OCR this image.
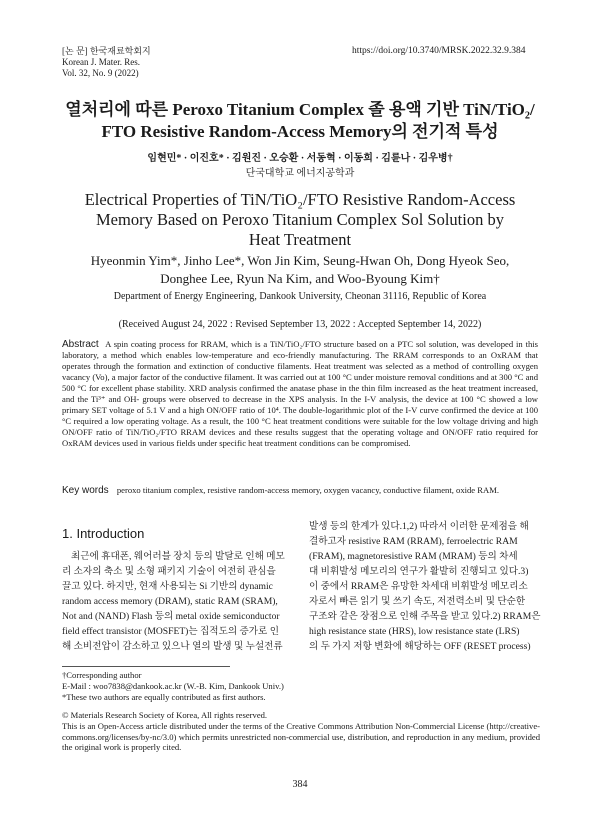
[논 문] 한국재료학회지
Korean J. Mater. Res.
Vol. 32, No. 9 (2022)
https://doi.org/10.3740/MRSK.2022.32.9.384
열처리에 따른 Peroxo Titanium Complex 졸 용액 기반 TiN/TiO₂/
FTO Resistive Random-Access Memory의 전기적 특성
임현민* · 이진호* · 김원진 · 오승환 · 서동혁 · 이동희 · 김륜나 · 김우병†
단국대학교 에너지공학과
Electrical Properties of TiN/TiO₂/FTO Resistive Random-Access
Memory Based on Peroxo Titanium Complex Sol Solution by
Heat Treatment
Hyeonmin Yim*, Jinho Lee*, Won Jin Kim, Seung-Hwan Oh, Dong Hyeok Seo,
Donghee Lee, Ryun Na Kim, and Woo-Byoung Kim†
Department of Energy Engineering, Dankook University, Cheonan 31116, Republic of Korea
(Received August 24, 2022 : Revised September 13, 2022 : Accepted September 14, 2022)
Abstract A spin coating process for RRAM, which is a TiN/TiO₂/FTO structure based on a PTC sol solution, was developed in this laboratory, a method which enables low-temperature and eco-friendly manufacturing. The RRAM corresponds to an OxRAM that operates through the formation and extinction of conductive filaments. Heat treatment was selected as a method of controlling oxygen vacancy (Vo), a major factor of the conductive filament. It was carried out at 100 °C under moisture removal conditions and at 300 °C and 500 °C for excellent phase stability. XRD analysis confirmed the anatase phase in the thin film increased as the heat treatment increased, and the Ti³⁺ and OH- groups were observed to decrease in the XPS analysis. In the I-V analysis, the device at 100 °C showed a low primary SET voltage of 5.1 V and a high ON/OFF ratio of 10⁴. The double-logarithmic plot of the I-V curve confirmed the device at 100 °C required a low operating voltage. As a result, the 100 °C heat treatment conditions were suitable for the low voltage driving and high ON/OFF ratio of TiN/TiO₂/FTO RRAM devices and these results suggest that the operating voltage and ON/OFF ratio required for OxRAM devices used in various fields under specific heat treatment conditions can be compromised.
Key words peroxo titanium complex, resistive random-access memory, oxygen vacancy, conductive filament, oxide RAM.
1. Introduction
최근에 휴대폰, 웨어러블 장치 등의 발달로 인해 메모
리 소자의 축소 및 소형 패키지 기술이 여전히 관심을
끌고 있다. 하지만, 현재 사용되는 Si 기반의 dynamic
random access memory (DRAM), static RAM (SRAM),
Not and (NAND) Flash 등의 metal oxide semiconductor
field effect transistor (MOSFET)는 집적도의 증가로 인
해 소비전압이 감소하고 있으나 열의 발생 및 누설전류
발생 등의 한계가 있다.1,2) 따라서 이러한 문제점을 해
결하고자 resistive RAM (RRAM), ferroelectric RAM
(FRAM), magnetoresistive RAM (MRAM) 등의 차세
대 비휘발성 메모리의 연구가 활발히 진행되고 있다.3)
이 중에서 RRAM은 유망한 차세대 비휘발성 메모리소
자로서 빠른 읽기 및 쓰기 속도, 저전력소비 및 단순한
구조와 같은 장점으로 인해 주목을 받고 있다.2) RRAM은
high resistance state (HRS), low resistance state (LRS)
의 두 가지 저항 변화에 해당하는 OFF (RESET process)
†Corresponding author
E-Mail : woo7838@dankook.ac.kr (W.-B. Kim, Dankook Univ.)
*These two authors are equally contributed as first authors.
© Materials Research Society of Korea, All rights reserved.
This is an Open-Access article distributed under the terms of the Creative Commons Attribution Non-Commercial License (http://creative-commons.org/licenses/by-nc/3.0) which permits unrestricted non-commercial use, distribution, and reproduction in any medium, provided the original work is properly cited.
384
